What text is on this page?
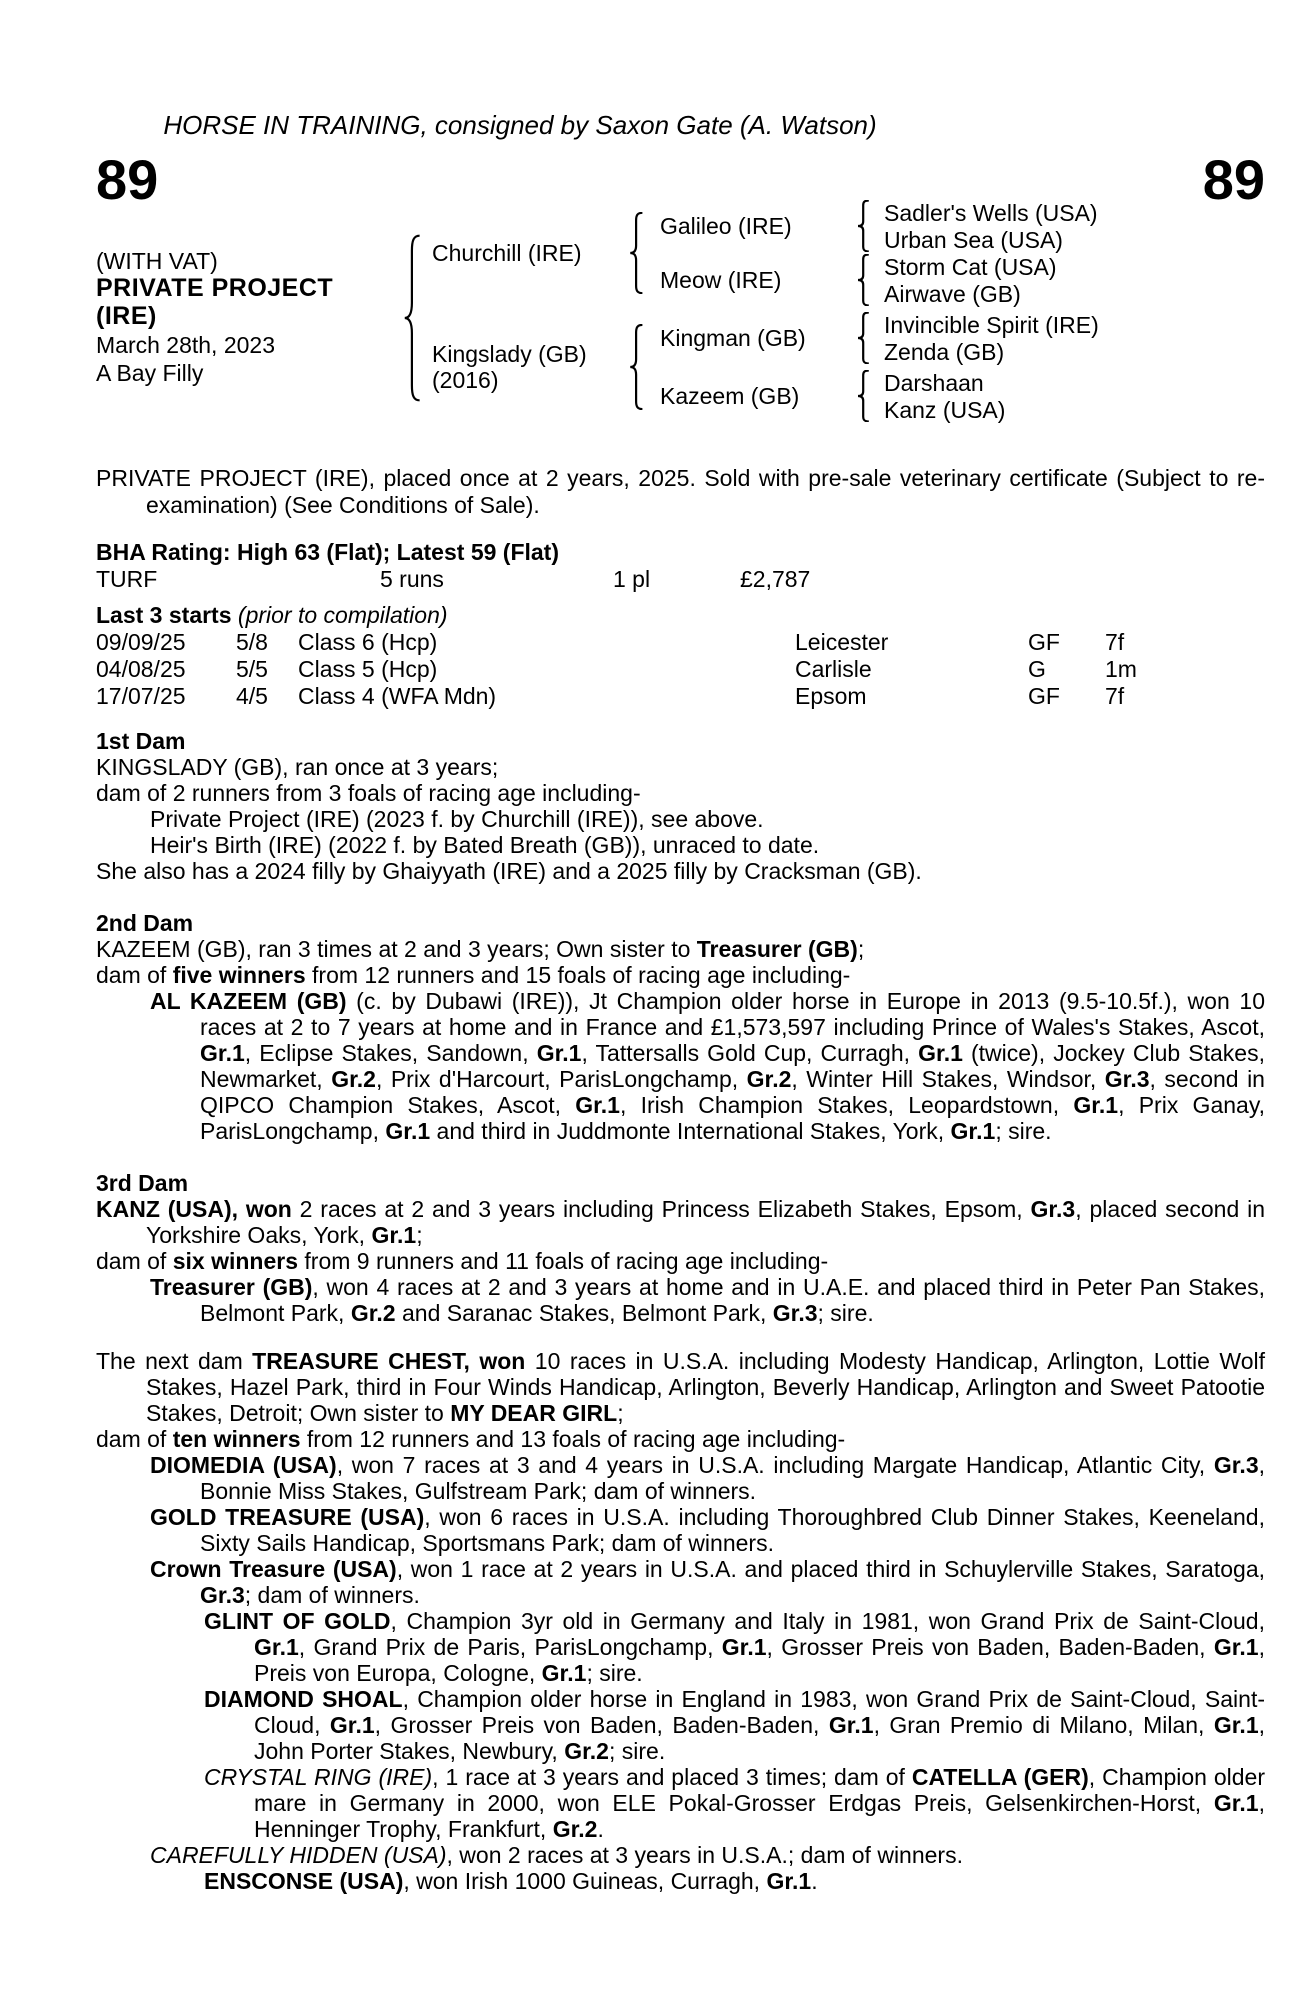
HORSE IN TRAINING, consigned by Saxon Gate (A. Watson)
89	89
(WITH VAT)
PRIVATE PROJECT
(IRE)
March 28th, 2023
A Bay Filly
Churchill (IRE)
Kingslady (GB)
(2016)
Galileo (IRE)
Meow (IRE)
Kingman (GB)
Kazeem (GB)
Sadler's Wells (USA)
Urban Sea (USA)
Storm Cat (USA)
Airwave (GB)
Invincible Spirit (IRE)
Zenda (GB)
Darshaan
Kanz (USA)
PRIVATE PROJECT (IRE), placed once at 2 years, 2025. Sold with pre-sale veterinary certificate (Subject to re-examination) (See Conditions of Sale).
BHA Rating: High 63 (Flat); Latest 59 (Flat)
TURF	5 runs	1 pl	£2,787
Last 3 starts (prior to compilation)
09/09/25	5/8	Class 6 (Hcp)	Leicester	GF	7f
04/08/25	5/5	Class 5 (Hcp)	Carlisle	G	1m
17/07/25	4/5	Class 4 (WFA Mdn)	Epsom	GF	7f
1st Dam
KINGSLADY (GB), ran once at 3 years;
dam of 2 runners from 3 foals of racing age including-
Private Project (IRE) (2023 f. by Churchill (IRE)), see above.
Heir's Birth (IRE) (2022 f. by Bated Breath (GB)), unraced to date.
She also has a 2024 filly by Ghaiyyath (IRE) and a 2025 filly by Cracksman (GB).
2nd Dam
KAZEEM (GB), ran 3 times at 2 and 3 years; Own sister to Treasurer (GB);
dam of five winners from 12 runners and 15 foals of racing age including-
AL KAZEEM (GB) (c. by Dubawi (IRE)), Jt Champion older horse in Europe in 2013 (9.5-10.5f.), won 10 races at 2 to 7 years at home and in France and £1,573,597 including Prince of Wales's Stakes, Ascot, Gr.1, Eclipse Stakes, Sandown, Gr.1, Tattersalls Gold Cup, Curragh, Gr.1 (twice), Jockey Club Stakes, Newmarket, Gr.2, Prix d'Harcourt, ParisLongchamp, Gr.2, Winter Hill Stakes, Windsor, Gr.3, second in QIPCO Champion Stakes, Ascot, Gr.1, Irish Champion Stakes, Leopardstown, Gr.1, Prix Ganay, ParisLongchamp, Gr.1 and third in Juddmonte International Stakes, York, Gr.1; sire.
3rd Dam
KANZ (USA), won 2 races at 2 and 3 years including Princess Elizabeth Stakes, Epsom, Gr.3, placed second in Yorkshire Oaks, York, Gr.1;
dam of six winners from 9 runners and 11 foals of racing age including-
Treasurer (GB), won 4 races at 2 and 3 years at home and in U.A.E. and placed third in Peter Pan Stakes, Belmont Park, Gr.2 and Saranac Stakes, Belmont Park, Gr.3; sire.
The next dam TREASURE CHEST, won 10 races in U.S.A. including Modesty Handicap, Arlington, Lottie Wolf Stakes, Hazel Park, third in Four Winds Handicap, Arlington, Beverly Handicap, Arlington and Sweet Patootie Stakes, Detroit; Own sister to MY DEAR GIRL;
dam of ten winners from 12 runners and 13 foals of racing age including-
DIOMEDIA (USA), won 7 races at 3 and 4 years in U.S.A. including Margate Handicap, Atlantic City, Gr.3, Bonnie Miss Stakes, Gulfstream Park; dam of winners.
GOLD TREASURE (USA), won 6 races in U.S.A. including Thoroughbred Club Dinner Stakes, Keeneland, Sixty Sails Handicap, Sportsmans Park; dam of winners.
Crown Treasure (USA), won 1 race at 2 years in U.S.A. and placed third in Schuylerville Stakes, Saratoga, Gr.3; dam of winners.
GLINT OF GOLD, Champion 3yr old in Germany and Italy in 1981, won Grand Prix de Saint-Cloud, Gr.1, Grand Prix de Paris, ParisLongchamp, Gr.1, Grosser Preis von Baden, Baden-Baden, Gr.1, Preis von Europa, Cologne, Gr.1; sire.
DIAMOND SHOAL, Champion older horse in England in 1983, won Grand Prix de Saint-Cloud, Saint-Cloud, Gr.1, Grosser Preis von Baden, Baden-Baden, Gr.1, Gran Premio di Milano, Milan, Gr.1, John Porter Stakes, Newbury, Gr.2; sire.
CRYSTAL RING (IRE), 1 race at 3 years and placed 3 times; dam of CATELLA (GER), Champion older mare in Germany in 2000, won ELE Pokal-Grosser Erdgas Preis, Gelsenkirchen-Horst, Gr.1, Henninger Trophy, Frankfurt, Gr.2.
CAREFULLY HIDDEN (USA), won 2 races at 3 years in U.S.A.; dam of winners.
ENSCONSE (USA), won Irish 1000 Guineas, Curragh, Gr.1.
